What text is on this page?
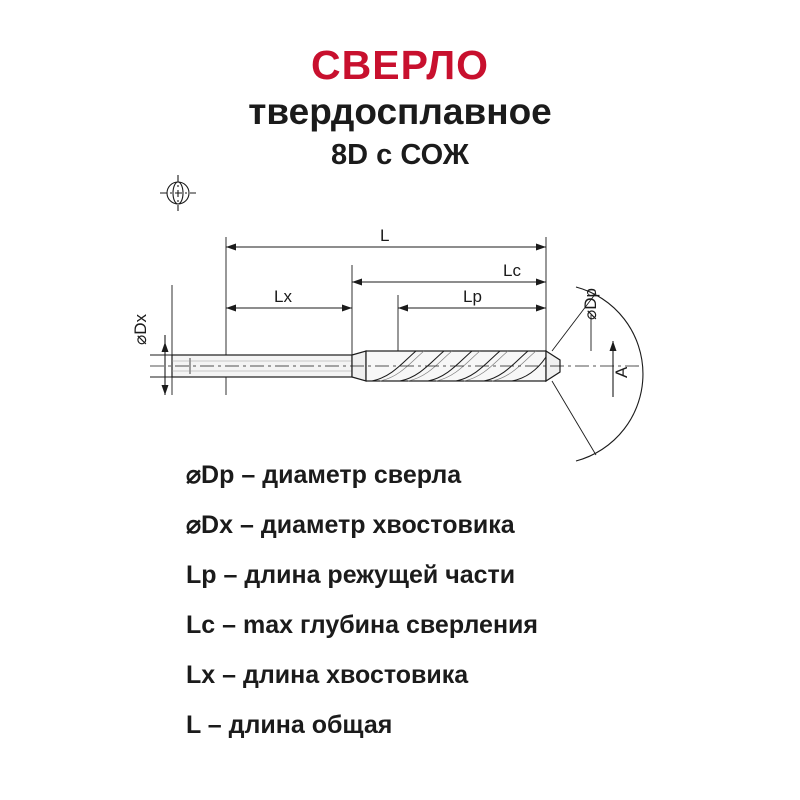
СВЕРЛО
твердосплавное
8D с СОЖ
L
Lc
Lx	Lp
⌀Dx
⌀Dp
A
⌀Dp – диаметр сверла
⌀Dx – диаметр хвостовика
Lp – длина режущей части
Lc – max глубина сверления
Lx – длина хвостовика
L – длина общая
